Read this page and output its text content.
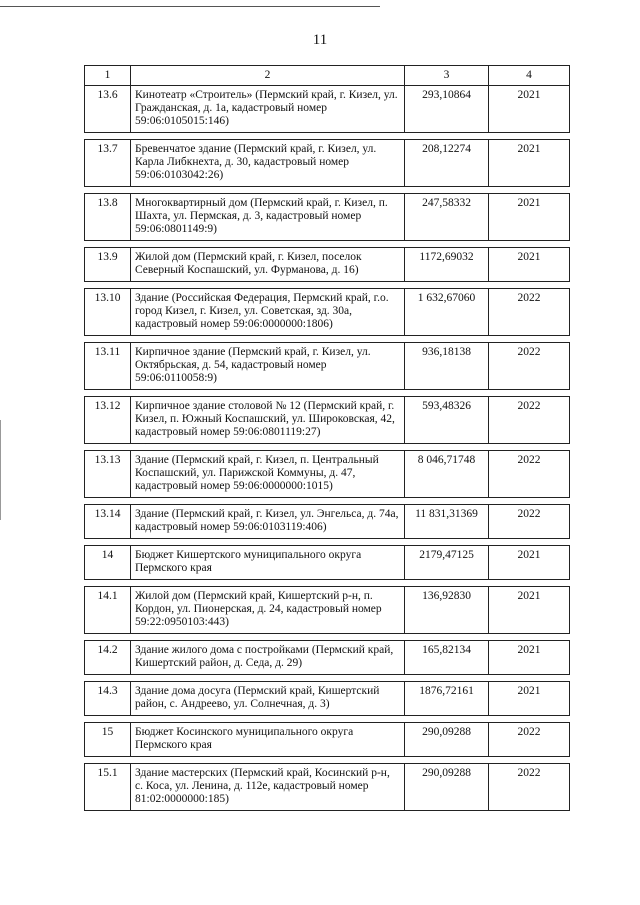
11
1	2	3	4
13.6	Кинотеатр «Строитель» (Пермский край, г. Кизел, ул. Гражданская, д. 1а, кадастровый номер 59:06:0105015:146)	293,10864	2021

13.7	Бревенчатое здание (Пермский край, г. Кизел, ул. Карла Либкнехта, д. 30, кадастровый номер 59:06:0103042:26)	208,12274	2021

13.8	Многоквартирный дом (Пермский край, г. Кизел, п. Шахта, ул. Пермская, д. 3, кадастровый номер 59:06:0801149:9)	247,58332	2021

13.9	Жилой дом (Пермский край, г. Кизел, поселок Северный Коспашский, ул. Фурманова, д. 16)	1172,69032	2021

13.10	Здание (Российская Федерация, Пермский край, г.о. город Кизел, г. Кизел, ул. Советская, зд. 30а, кадастровый номер 59:06:0000000:1806)	1 632,67060	2022

13.11	Кирпичное здание (Пермский край, г. Кизел, ул. Октябрьская, д. 54, кадастровый номер 59:06:0110058:9)	936,18138	2022

13.12	Кирпичное здание столовой № 12 (Пермский край, г. Кизел, п. Южный Коспашский, ул. Широковская, 42, кадастровый номер 59:06:0801119:27)	593,48326	2022

13.13	Здание (Пермский край, г. Кизел, п. Центральный Коспашский, ул. Парижской Коммуны, д. 47, кадастровый номер 59:06:0000000:1015)	8 046,71748	2022

13.14	Здание (Пермский край, г. Кизел, ул. Энгельса, д. 74а, кадастровый номер 59:06:0103119:406)	11 831,31369	2022

14	Бюджет Кишертского муниципального округа Пермского края	2179,47125	2021

14.1	Жилой дом (Пермский край, Кишертский р-н, п. Кордон, ул. Пионерская, д. 24, кадастровый номер 59:22:0950103:443)	136,92830	2021

14.2	Здание жилого дома с постройками (Пермский край, Кишертский район, д. Седа, д. 29)	165,82134	2021

14.3	Здание дома досуга (Пермский край, Кишертский район, с. Андреево, ул. Солнечная, д. 3)	1876,72161	2021

15	Бюджет Косинского муниципального округа Пермского края	290,09288	2022

15.1	Здание мастерских (Пермский край, Косинский р-н, с. Коса, ул. Ленина, д. 112е, кадастровый номер 81:02:0000000:185)	290,09288	2022
